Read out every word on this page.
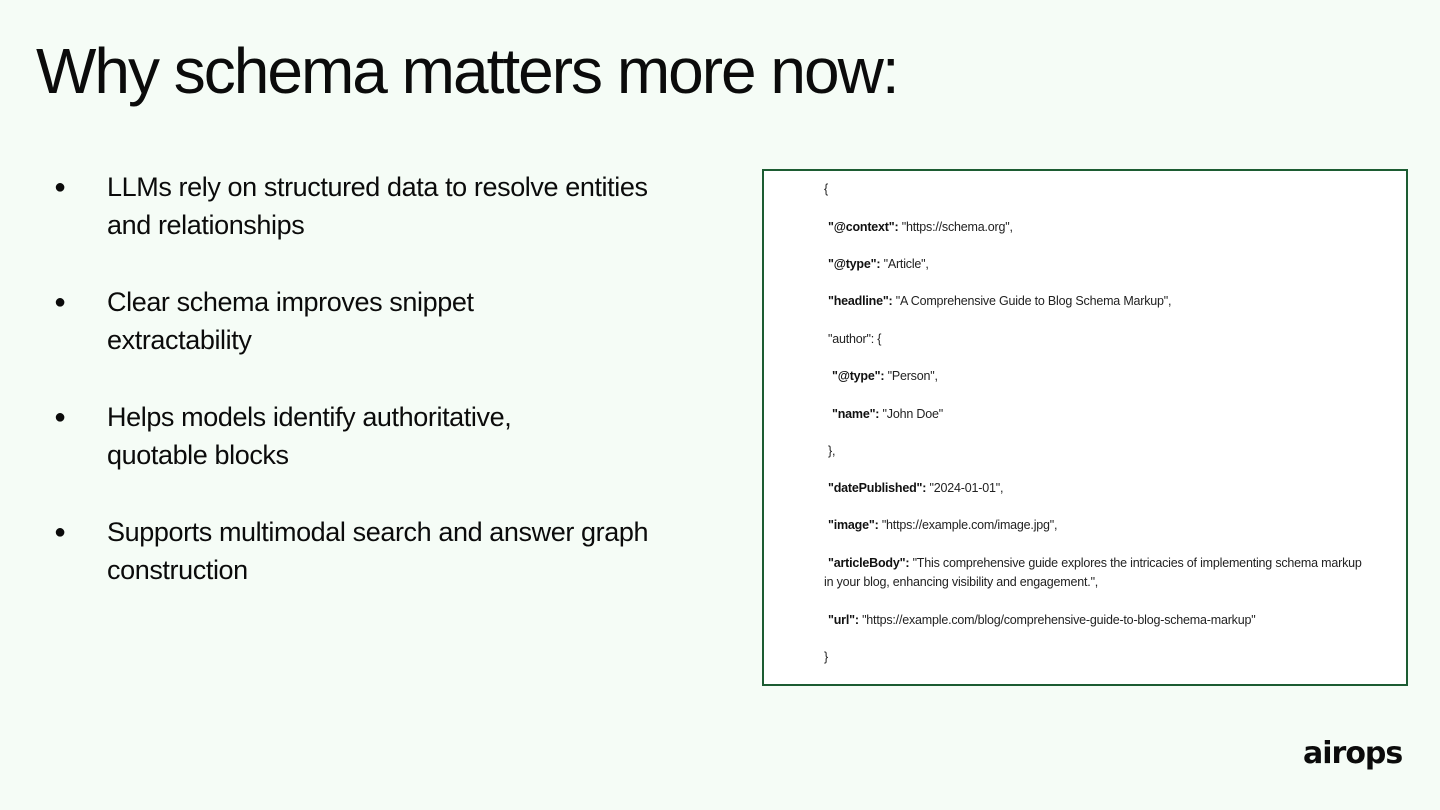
Why schema matters more now:
● LLMs rely on structured data to resolve entities and relationships
● Clear schema improves snippet extractability
● Helps models identify authoritative, quotable blocks
● Supports multimodal search and answer graph construction
{
"@context": "https://schema.org",
"@type": "Article",
"headline": "A Comprehensive Guide to Blog Schema Markup",
"author": {
"@type": "Person",
"name": "John Doe"
},
"datePublished": "2024-01-01",
"image": "https://example.com/image.jpg",
"articleBody": "This comprehensive guide explores the intricacies of implementing schema markup in your blog, enhancing visibility and engagement.",
"url": "https://example.com/blog/comprehensive-guide-to-blog-schema-markup"
}
airops
